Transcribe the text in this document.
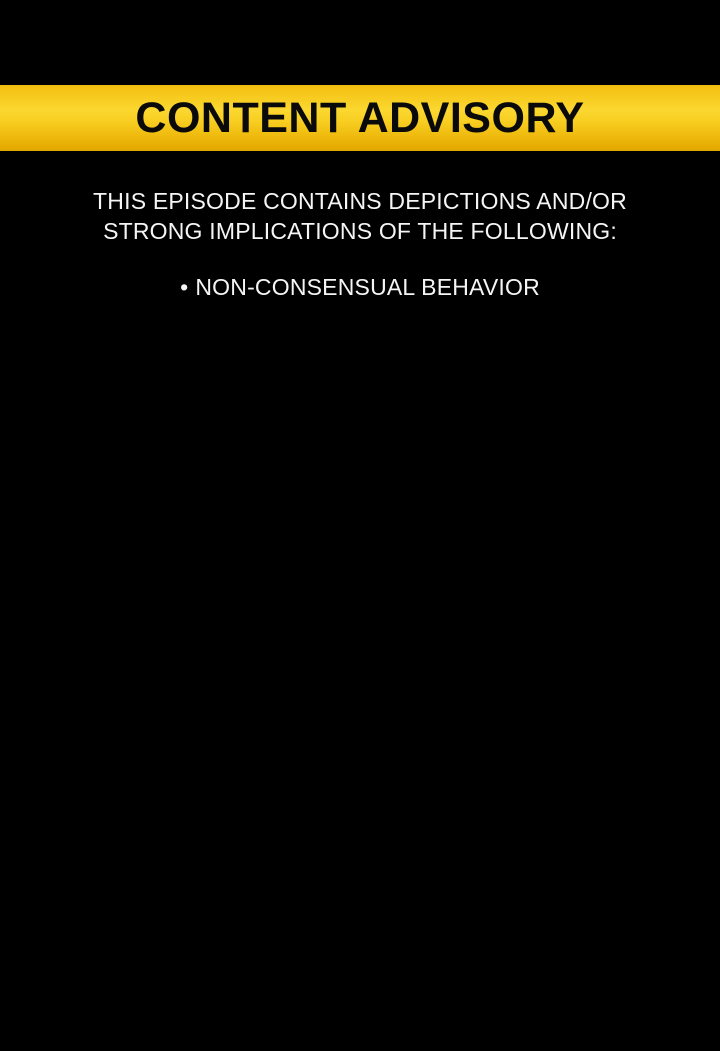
CONTENT ADVISORY
THIS EPISODE CONTAINS DEPICTIONS AND/OR
STRONG IMPLICATIONS OF THE FOLLOWING:
• NON-CONSENSUAL BEHAVIOR
